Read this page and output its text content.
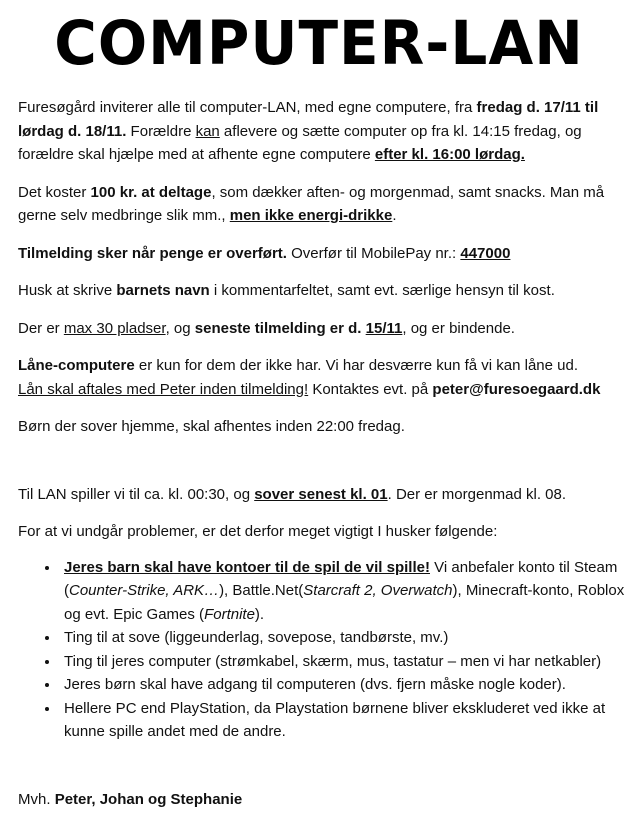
COMPUTER-LAN

Furesøgård inviterer alle til computer-LAN, med egne computere, fra fredag d. 17/11 til lørdag d. 18/11. Forældre kan aflevere og sætte computer op fra kl. 14:15 fredag, og forældre skal hjælpe med at afhente egne computere efter kl. 16:00 lørdag.

Det koster 100 kr. at deltage, som dækker aften- og morgenmad, samt snacks. Man må gerne selv medbringe slik mm., men ikke energi-drikke.

Tilmelding sker når penge er overført. Overfør til MobilePay nr.: 447000

Husk at skrive barnets navn i kommentarfeltet, samt evt. særlige hensyn til kost.

Der er max 30 pladser, og seneste tilmelding er d. 15/11, og er bindende.

Låne-computere er kun for dem der ikke har. Vi har desværre kun få vi kan låne ud.
Lån skal aftales med Peter inden tilmelding! Kontaktes evt. på peter@furesoegaard.dk

Børn der sover hjemme, skal afhentes inden 22:00 fredag.

Til LAN spiller vi til ca. kl. 00:30, og sover senest kl. 01. Der er morgenmad kl. 08.

For at vi undgår problemer, er det derfor meget vigtigt I husker følgende:

• Jeres barn skal have kontoer til de spil de vil spille! Vi anbefaler konto til Steam (Counter-Strike, ARK…), Battle.Net(Starcraft 2, Overwatch), Minecraft-konto, Roblox og evt. Epic Games (Fortnite).
• Ting til at sove (liggeunderlag, sovepose, tandbørste, mv.)
• Ting til jeres computer (strømkabel, skærm, mus, tastatur – men vi har netkabler)
• Jeres børn skal have adgang til computeren (dvs. fjern måske nogle koder).
• Hellere PC end PlayStation, da Playstation børnene bliver ekskluderet ved ikke at kunne spille andet med de andre.

Mvh. Peter, Johan og Stephanie
